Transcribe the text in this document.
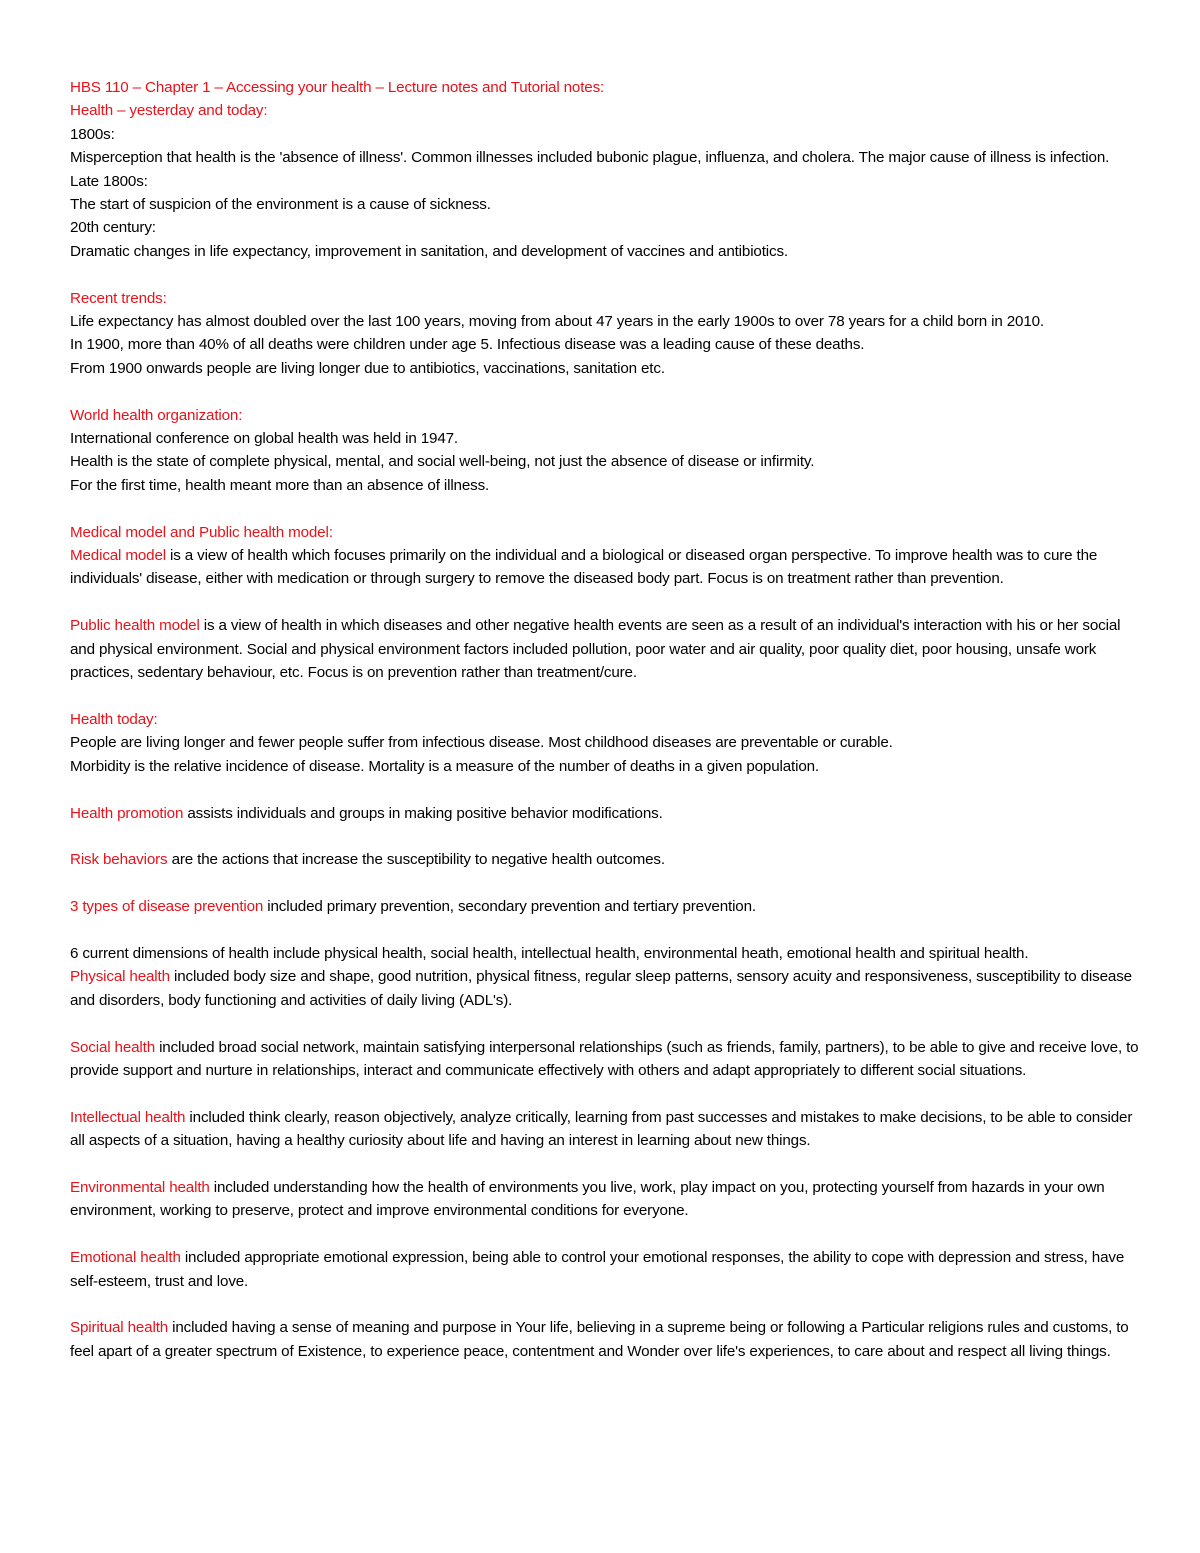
HBS 110 – Chapter 1 – Accessing your health – Lecture notes and Tutorial notes:
Health – yesterday and today:
1800s:
Misperception that health is the 'absence of illness'. Common illnesses included bubonic plague, influenza, and cholera. The major cause of illness is infection.
Late 1800s:
The start of suspicion of the environment is a cause of sickness.
20th century:
Dramatic changes in life expectancy, improvement in sanitation, and development of vaccines and antibiotics.
Recent trends:
Life expectancy has almost doubled over the last 100 years, moving from about 47 years in the early 1900s to over 78 years for a child born in 2010.
In 1900, more than 40% of all deaths were children under age 5. Infectious disease was a leading cause of these deaths.
From 1900 onwards people are living longer due to antibiotics, vaccinations, sanitation etc.
World health organization:
International conference on global health was held in 1947.
Health is the state of complete physical, mental, and social well-being, not just the absence of disease or infirmity.
For the first time, health meant more than an absence of illness.
Medical model and Public health model:

Medical model is a view of health which focuses primarily on the individual and a biological or diseased organ perspective. To improve health was to cure the individuals' disease, either with medication or through surgery to remove the diseased body part. Focus is on treatment rather than prevention.

Public health model is a view of health in which diseases and other negative health events are seen as a result of an individual's interaction with his or her social and physical environment. Social and physical environment factors included pollution, poor water and air quality, poor quality diet, poor housing, unsafe work practices, sedentary behaviour, etc. Focus is on prevention rather than treatment/cure.

Health today:
People are living longer and fewer people suffer from infectious disease. Most childhood diseases are preventable or curable.
Morbidity is the relative incidence of disease. Mortality is a measure of the number of deaths in a given population.

Health promotion assists individuals and groups in making positive behavior modifications.

Risk behaviors are the actions that increase the susceptibility to negative health outcomes.

3 types of disease prevention included primary prevention, secondary prevention and tertiary prevention.

6 current dimensions of health include physical health, social health, intellectual health, environmental heath, emotional health and spiritual health.

Physical health included body size and shape, good nutrition, physical fitness, regular sleep patterns, sensory acuity and responsiveness, susceptibility to disease and disorders, body functioning and activities of daily living (ADL's).

Social health included broad social network, maintain satisfying interpersonal relationships (such as friends, family, partners), to be able to give and receive love, to provide support and nurture in relationships, interact and communicate effectively with others and adapt appropriately to different social situations.

Intellectual health included think clearly, reason objectively, analyze critically, learning from past successes and mistakes to make decisions, to be able to consider all aspects of a situation, having a healthy curiosity about life and having an interest in learning about new things.

Environmental health included understanding how the health of environments you live, work, play impact on you, protecting yourself from hazards in your own environment, working to preserve, protect and improve environmental conditions for everyone.

Emotional health included appropriate emotional expression, being able to control your emotional responses, the ability to cope with depression and stress, have self-esteem, trust and love.

Spiritual health included having a sense of meaning and purpose in Your life, believing in a supreme being or following a Particular religions rules and customs, to feel apart of a greater spectrum of Existence, to experience peace, contentment and Wonder over life's experiences, to care about and respect all living things.
